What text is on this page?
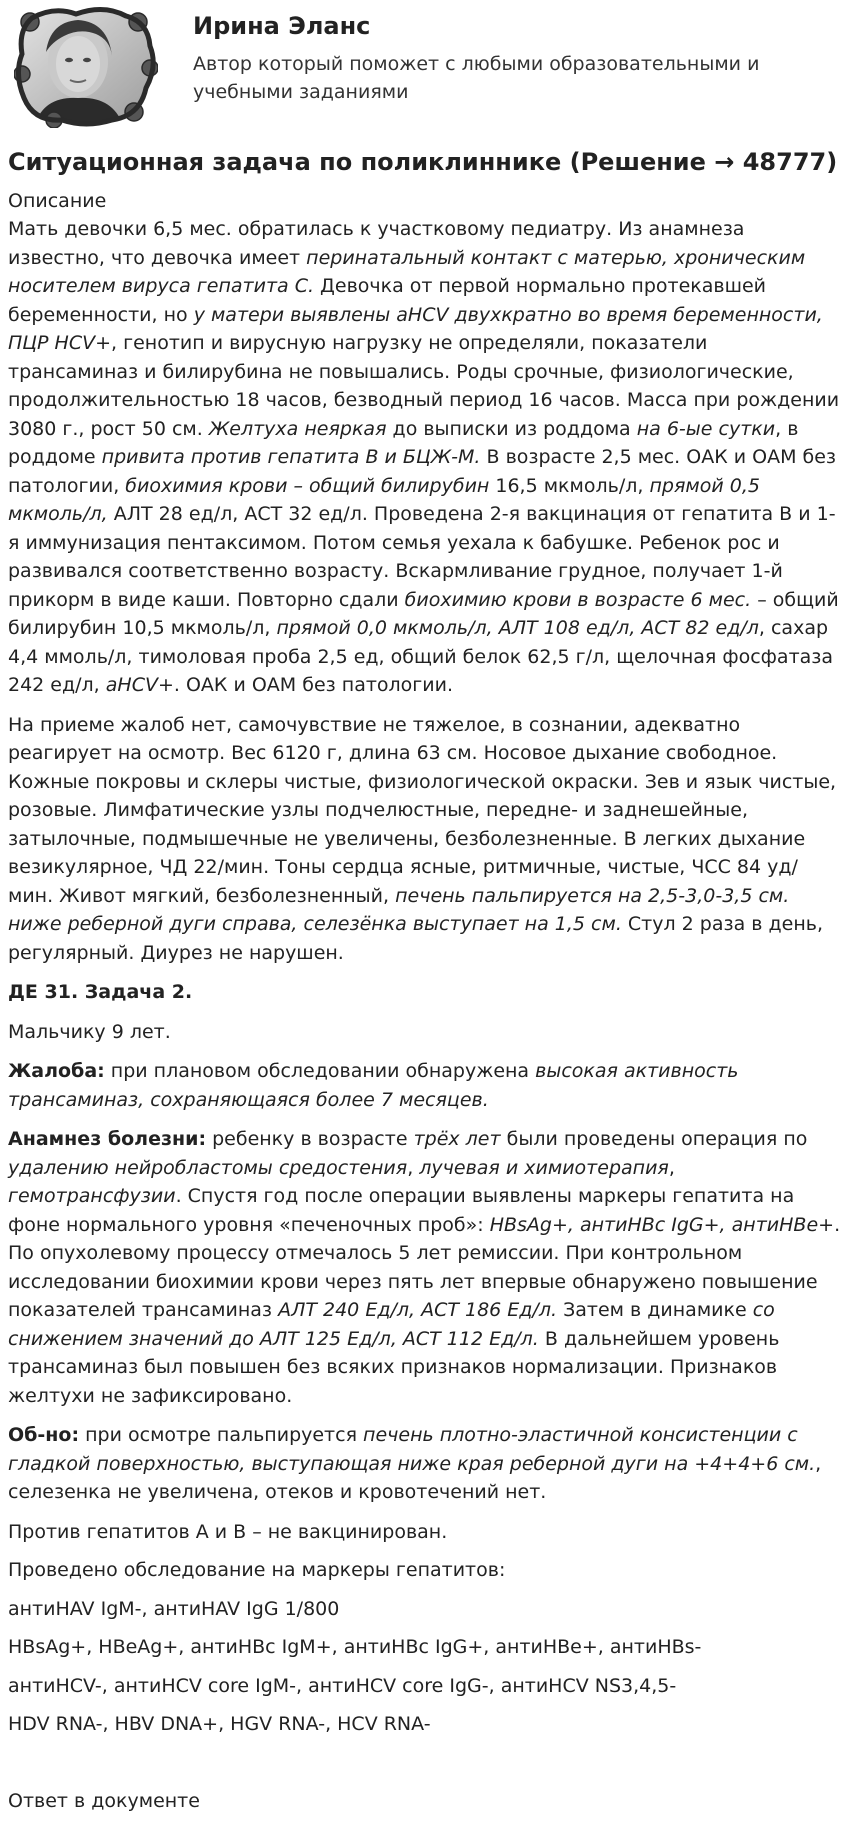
Ирина Эланс
Автор который поможет с любыми образовательными и учебными заданиями
Ситуационная задача по поликлиннике (Решение → 48777)
Описание

Мать девочки 6,5 мес. обратилась к участковому педиатру. Из анамнеза известно, что девочка имеет перинатальный контакт с матерью, хроническим носителем вируса гепатита С. Девочка от первой нормально протекавшей беременности, но у матери выявлены аНCV двухкратно во время беременности, ПЦР HCV+, генотип и вирусную нагрузку не определяли, показатели трансаминаз и билирубина не повышались. Роды срочные, физиологические, продолжительностью 18 часов, безводный период 16 часов. Масса при рождении 3080 г., рост 50 см. Желтуха неяркая до выписки из роддома на 6-ые сутки, в роддоме привита против гепатита В и БЦЖ-М. В возрасте 2,5 мес. ОАК и ОАМ без патологии, биохимия крови – общий билирубин 16,5 мкмоль/л, прямой 0,5 мкмоль/л, АЛТ 28 ед/л, АСТ 32 ед/л. Проведена 2-я вакцинация от гепатита В и 1-я иммунизация пентаксимом. Потом семья уехала к бабушке. Ребенок рос и развивался соответственно возрасту. Вскармливание грудное, получает 1-й прикорм в виде каши. Повторно сдали биохимию крови в возрасте 6 мес. – общий билирубин 10,5 мкмоль/л, прямой 0,0 мкмоль/л, АЛТ 108 ед/л, АСТ 82 ед/л, сахар 4,4 ммоль/л, тимоловая проба 2,5 ед, общий белок 62,5 г/л, щелочная фосфатаза 242 ед/л, аНCV+. ОАК и ОАМ без патологии.

На приеме жалоб нет, самочувствие не тяжелое, в сознании, адекватно реагирует на осмотр. Вес 6120 г, длина 63 см. Носовое дыхание свободное. Кожные покровы и склеры чистые, физиологической окраски. Зев и язык чистые, розовые. Лимфатические узлы подчелюстные, передне- и заднешейные, затылочные, подмышечные не увеличены, безболезненные. В легких дыхание везикулярное, ЧД 22/мин. Тоны сердца ясные, ритмичные, чистые, ЧСС 84 уд/мин. Живот мягкий, безболезненный, печень пальпируется на 2,5-3,0-3,5 см. ниже реберной дуги справа, селезёнка выступает на 1,5 см. Стул 2 раза в день, регулярный. Диурез не нарушен.

ДЕ 31. Задача 2.

Мальчику 9 лет.

Жалоба: при плановом обследовании обнаружена высокая активность трансаминаз, сохраняющаяся более 7 месяцев.

Анамнез болезни: ребенку в возрасте трёх лет были проведены операция по удалению нейробластомы средостения, лучевая и химиотерапия, гемотрансфузии. Спустя год после операции выявлены маркеры гепатита на фоне нормального уровня «печеночных проб»: НBsAg+, антиНВс IgG+, антиНВе+. По опухолевому процессу отмечалось 5 лет ремиссии. При контрольном исследовании биохимии крови через пять лет впервые обнаружено повышение показателей трансаминаз АЛТ 240 Ед/л, АСТ 186 Ед/л. Затем в динамике со снижением значений до АЛТ 125 Ед/л, АСТ 112 Ед/л. В дальнейшем уровень трансаминаз был повышен без всяких признаков нормализации. Признаков желтухи не зафиксировано.

Об-но: при осмотре пальпируется печень плотно-эластичной консистенции с гладкой поверхностью, выступающая ниже края реберной дуги на +4+4+6 см., селезенка не увеличена, отеков и кровотечений нет.

Против гепатитов А и В – не вакцинирован.

Проведено обследование на маркеры гепатитов:

антиНAV IgM-, антиНAV IgG 1/800

HBsAg+, HBeAg+, антиHBc IgM+, антиHBc IgG+, антиHBe+, антиHBs-

антиHCV-, антиHCV core IgM-, антиHCV core IgG-, антиHCV NS3,4,5-

HDV RNA-, HBV DNA+, HGV RNA-, HCV RNA-

Ответ в документе
